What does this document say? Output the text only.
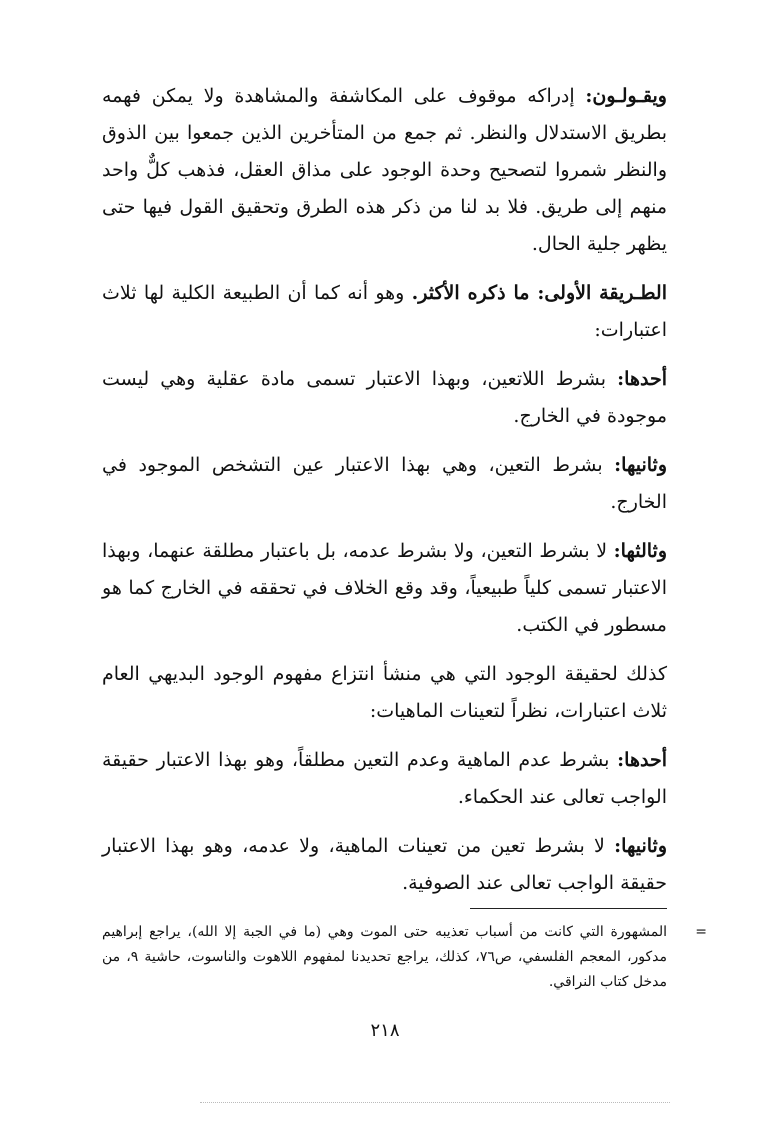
ويقـولـون: إدراكه موقوف على المكاشفة والمشاهدة ولا يمكن فهمه بطريق الاستدلال والنظر. ثم جمع من المتأخرين الذين جمعوا بين الذوق والنظر شمروا لتصحيح وحدة الوجود على مذاق العقل، فذهب كلٌّ واحد منهم إلى طريق. فلا بد لنا من ذكر هذه الطرق وتحقيق القول فيها حتى يظهر جلية الحال.

الطـريقة الأولى: ما ذكره الأكثر. وهو أنه كما أن الطبيعة الكلية لها ثلاث اعتبارات:

أحدها: بشرط اللاتعين، وبهذا الاعتبار تسمى مادة عقلية وهي ليست موجودة في الخارج.

وثانيها: بشرط التعين، وهي بهذا الاعتبار عين التشخص الموجود في الخارج.

وثالثها: لا بشرط التعين، ولا بشرط عدمه، بل باعتبار مطلقة عنهما، وبهذا الاعتبار تسمى كلياً طبيعياً، وقد وقع الخلاف في تحققه في الخارج كما هو مسطور في الكتب.

كذلك لحقيقة الوجود التي هي منشأ انتزاع مفهوم الوجود البديهي العام ثلاث اعتبارات، نظراً لتعينات الماهيات:

أحدها: بشرط عدم الماهية وعدم التعين مطلقاً، وهو بهذا الاعتبار حقيقة الواجب تعالى عند الحكماء.

وثانيها: لا بشرط تعين من تعينات الماهية، ولا عدمه، وهو بهذا الاعتبار حقيقة الواجب تعالى عند الصوفية.

=
المشهورة التي كانت من أسباب تعذيبه حتى الموت وهي (ما في الجبة إلا الله)، يراجع إبراهيم مدكور، المعجم الفلسفي، ص٧٦، كذلك، يراجع تحديدنا لمفهوم اللاهوت والناسوت، حاشية ٩، من مدخل كتاب النراقي.
٢١٨
